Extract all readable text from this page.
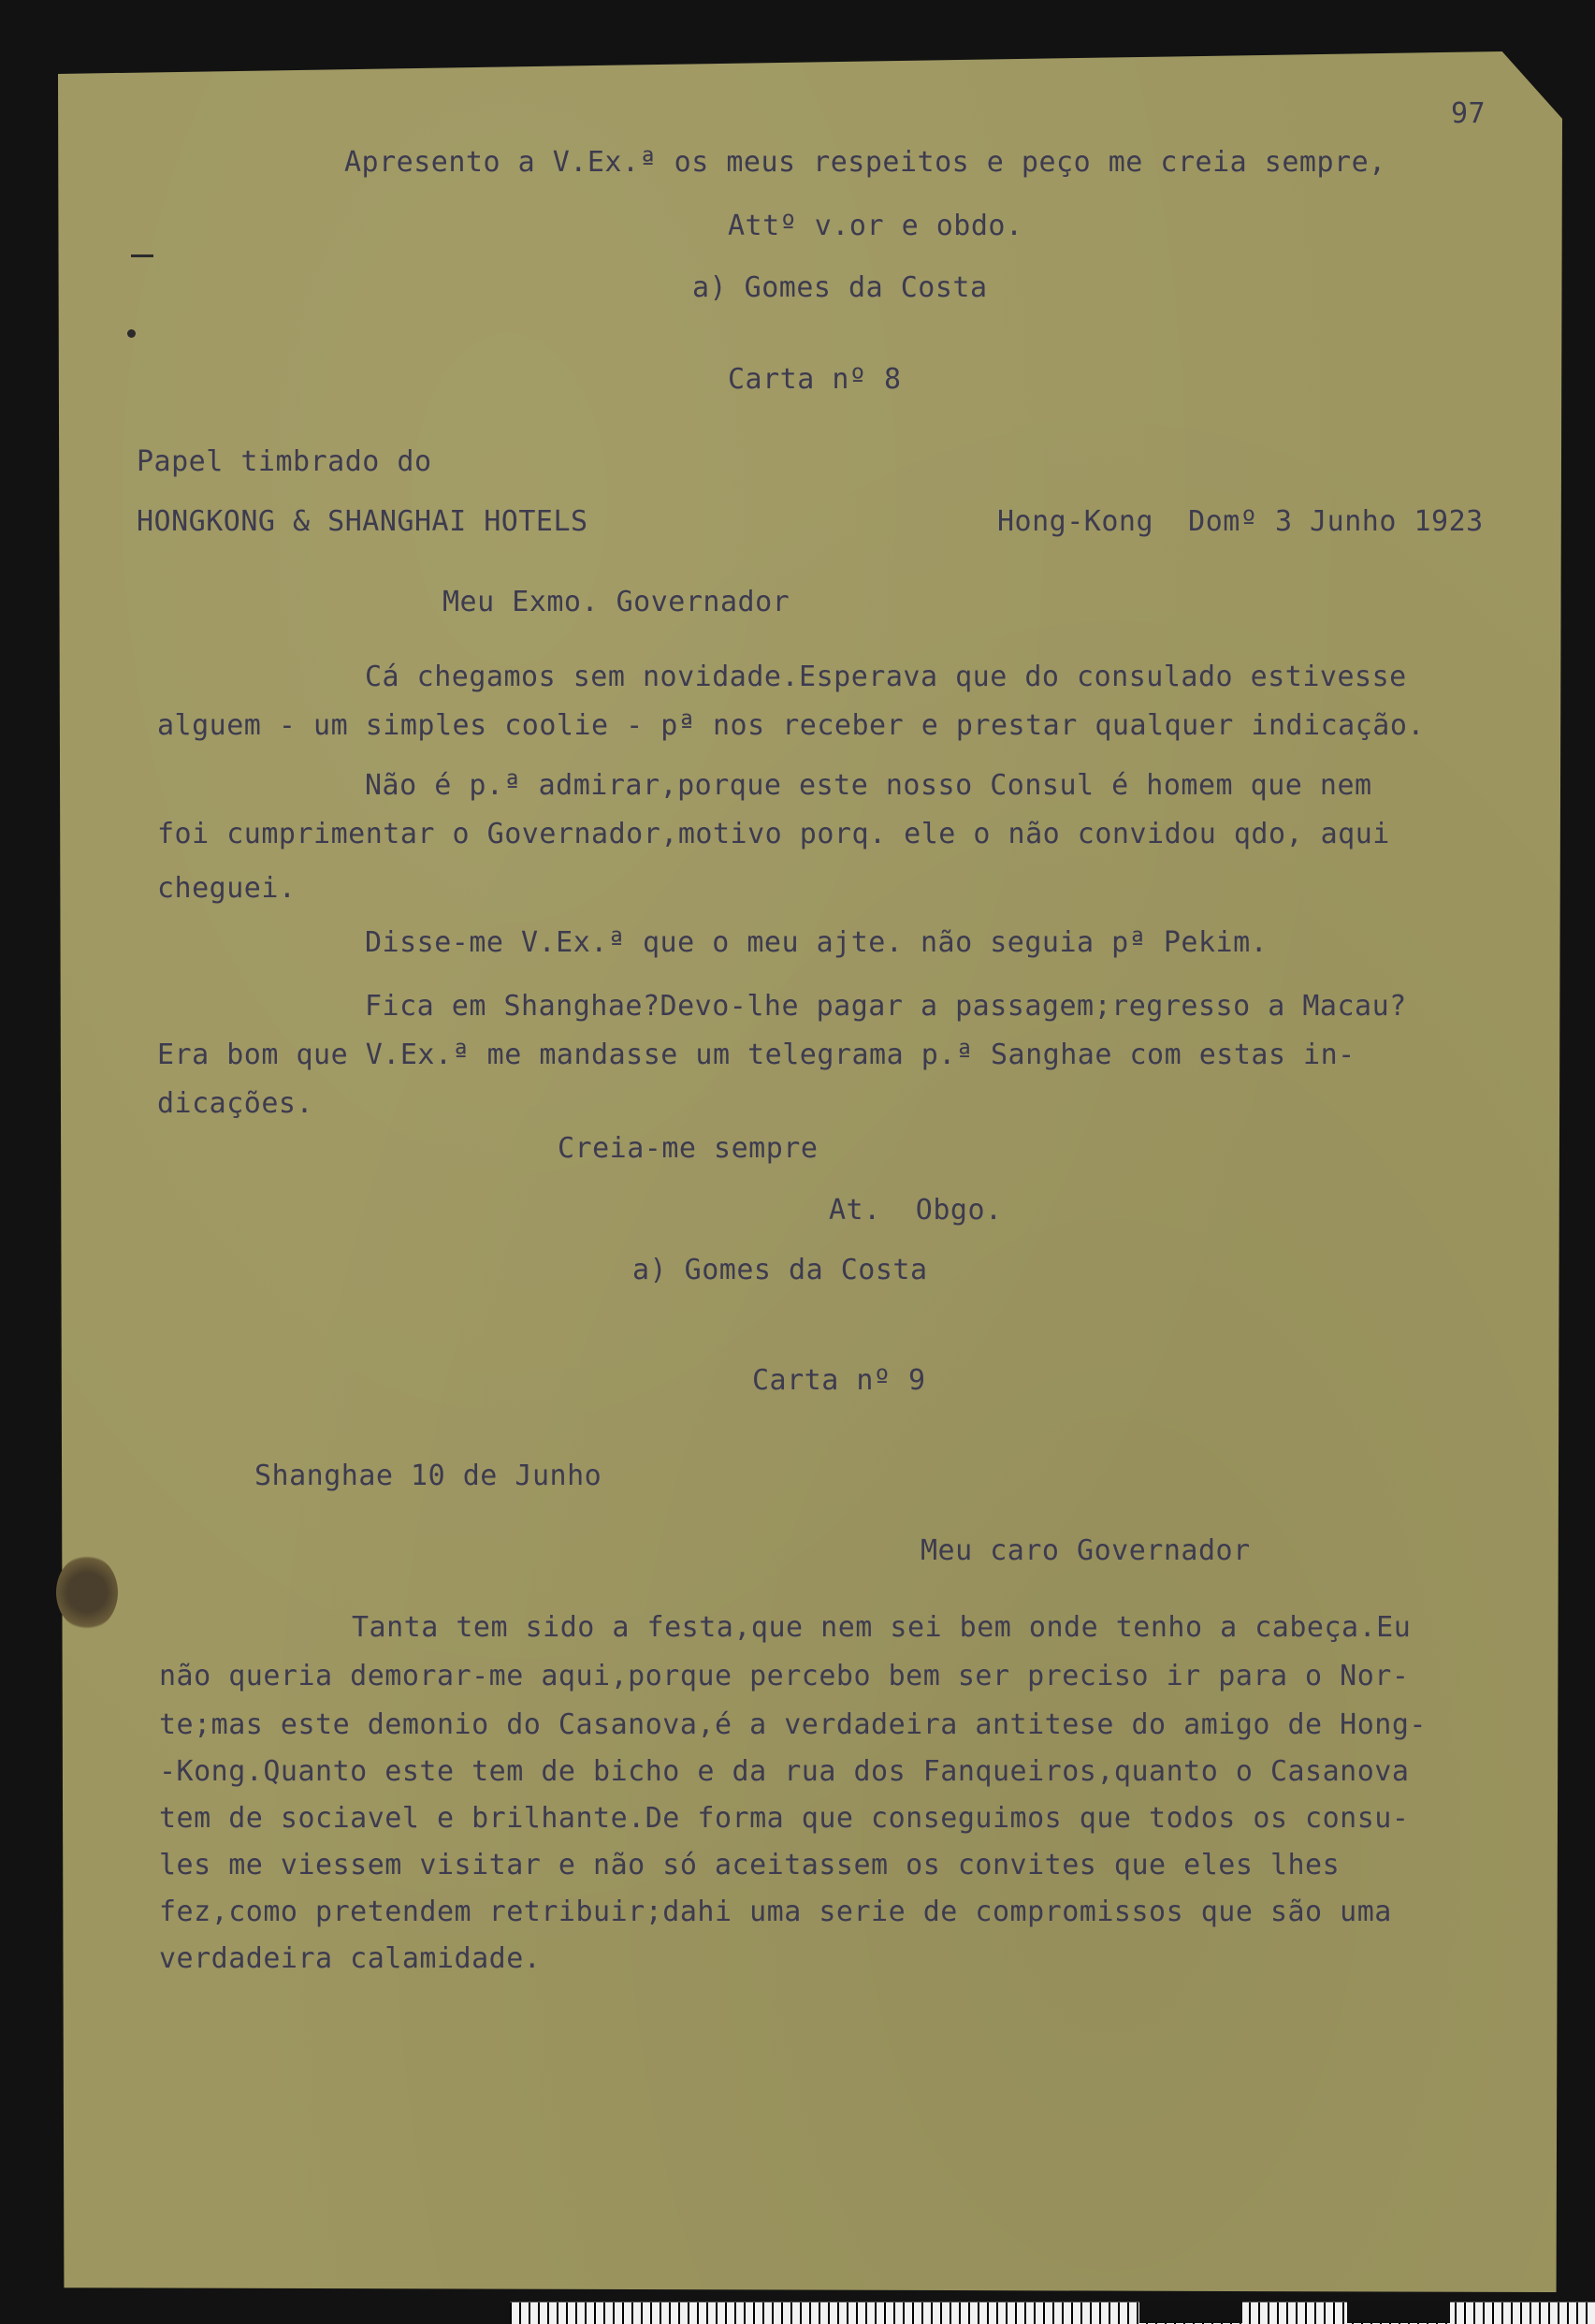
97
Apresento a V.Ex.ª os meus respeitos e peço me creia sempre,
Attº v.or e obdo.
a) Gomes da Costa
Carta nº 8
Papel timbrado do
HONGKONG & SHANGHAI HOTELS	Hong-Kong  Domº 3 Junho 1923
Meu Exmo. Governador
Cá chegamos sem novidade.Esperava que do consulado estivesse
alguem - um simples coolie - pª nos receber e prestar qualquer indicação.
Não é p.ª admirar,porque este nosso Consul é homem que nem
foi cumprimentar o Governador,motivo porq. ele o não convidou qdo, aqui
cheguei.
Disse-me V.Ex.ª que o meu ajte. não seguia pª Pekim.
Fica em Shanghae?Devo-lhe pagar a passagem;regresso a Macau?
Era bom que V.Ex.ª me mandasse um telegrama p.ª Sanghae com estas in-
dicações.
Creia-me sempre
At.  Obgo.
a) Gomes da Costa
Carta nº 9
Shanghae 10 de Junho
Meu caro Governador
Tanta tem sido a festa,que nem sei bem onde tenho a cabeça.Eu
não queria demorar-me aqui,porque percebo bem ser preciso ir para o Nor-
te;mas este demonio do Casanova,é a verdadeira antitese do amigo de Hong-
-Kong.Quanto este tem de bicho e da rua dos Fanqueiros,quanto o Casanova
tem de sociavel e brilhante.De forma que conseguimos que todos os consu-
les me viessem visitar e não só aceitassem os convites que eles lhes
fez,como pretendem retribuir;dahi uma serie de compromissos que são uma
verdadeira calamidade.
